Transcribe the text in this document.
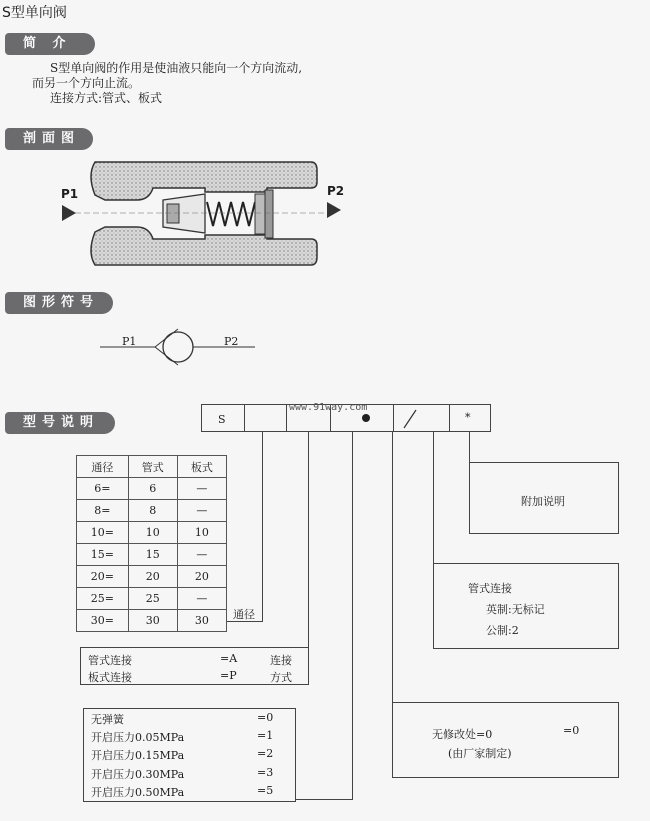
S型单向阀
简 介
S型单向阀的作用是使油液只能向一个方向流动,
而另一个方向止流。
连接方式:管式、板式
剖面图
P1	P2
图形符号
P1	P2
型号说明	S	*
www.91way.com
通径	管式	板式
6=	6	—
8=	8	—
10=	10	10
15=	15	—
20=	20	20
25=	25	—
30=	30	30 通径
管式连接	=A	连接
板式连接	=P	方式
无弹簧	=0
开启压力0.05MPa	=1
开启压力0.15MPa	=2
开启压力0.30MPa	=3
开启压力0.50MPa	=5
附加说明
管式连接
英制:无标记
公制:2
无修改处=0	=0
(由厂家制定)
